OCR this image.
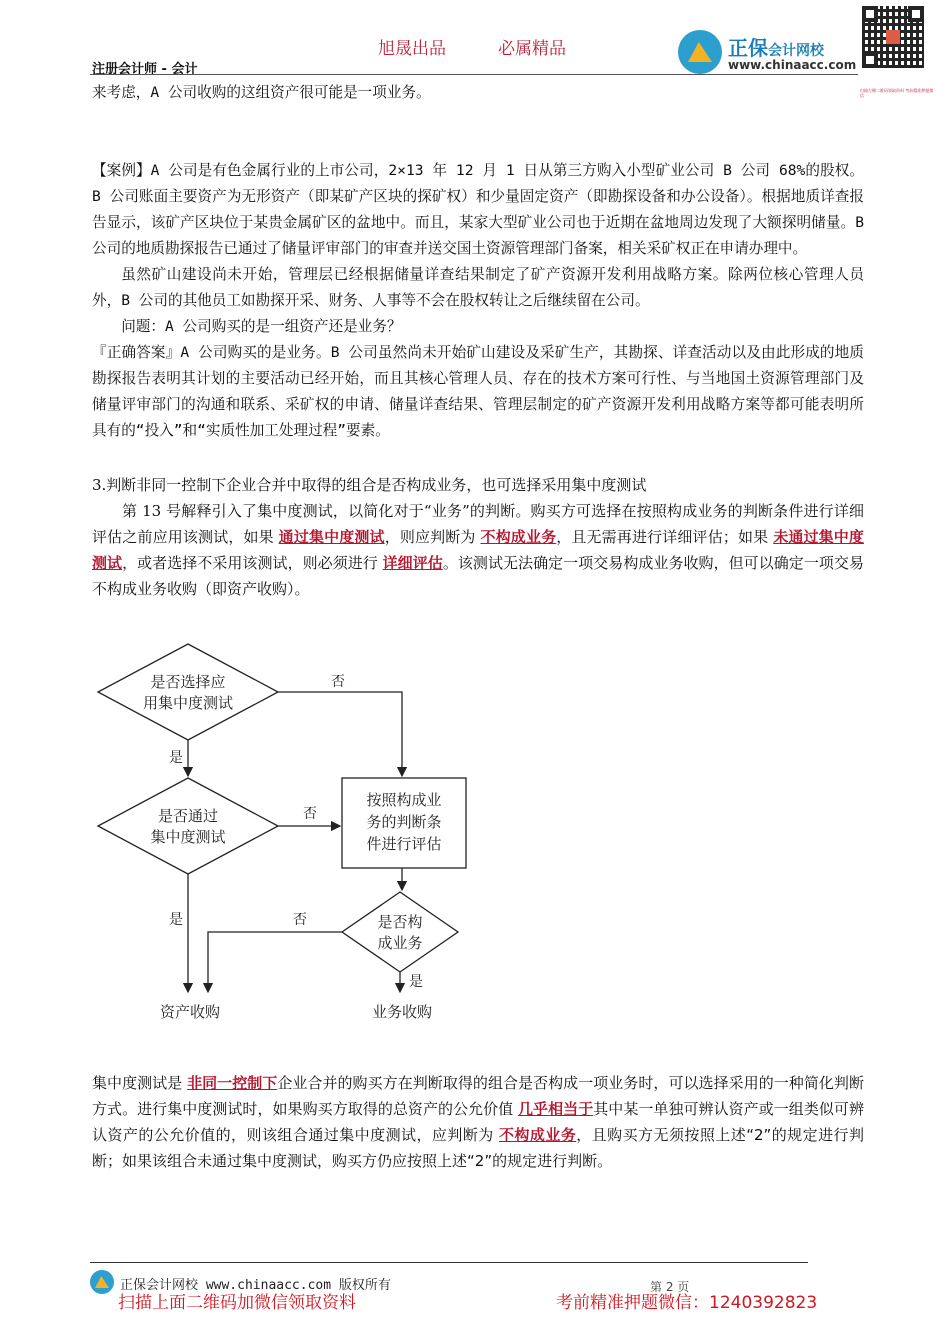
旭晟出品	必属精品	正保会计网校
www.chinaacc.com
扫描左侧二维码领取资料 考前精准押题微信
注册会计师 - 会计
来考虑，A 公司收购的这组资产很可能是一项业务。
【案例】A 公司是有色金属行业的上市公司，2×13 年 12 月 1 日从第三方购入小型矿业公司 B 公司 68%的股权。B 公司账面主要资产为无形资产（即某矿产区块的探矿权）和少量固定资产（即勘探设备和办公设备）。根据地质详查报告显示，该矿产区块位于某贵金属矿区的盆地中。而且，某家大型矿业公司也于近期在盆地周边发现了大额探明储量。B 公司的地质勘探报告已通过了储量评审部门的审查并送交国土资源管理部门备案，相关采矿权正在申请办理中。
虽然矿山建设尚未开始，管理层已经根据储量详查结果制定了矿产资源开发利用战略方案。除两位核心管理人员外，B 公司的其他员工如勘探开采、财务、人事等不会在股权转让之后继续留在公司。
问题：A 公司购买的是一组资产还是业务？
『正确答案』A 公司购买的是业务。B 公司虽然尚未开始矿山建设及采矿生产，其勘探、详查活动以及由此形成的地质勘探报告表明其计划的主要活动已经开始，而且其核心管理人员、存在的技术方案可行性、与当地国土资源管理部门及储量评审部门的沟通和联系、采矿权的申请、储量详查结果、管理层制定的矿产资源开发利用战略方案等都可能表明所具有的“投入”和“实质性加工处理过程”要素。
3.判断非同一控制下企业合并中取得的组合是否构成业务，也可选择采用集中度测试
第 13 号解释引入了集中度测试，以简化对于“业务”的判断。购买方可选择在按照构成业务的判断条件进行详细评估之前应用该测试，如果 通过集中度测试，则应判断为 不构成业务，且无需再进行详细评估；如果 未通过集中度测试，或者选择不采用该测试，则必须进行 详细评估。该测试无法确定一项交易构成业务收购，但可以确定一项交易不构成业务收购（即资产收购）。
是否选择应
用集中度测试
是否通过
集中度测试
按照构成业
务的判断条
件进行评估
是否构
成业务
是
否
否
是	否
是
资产收购	业务收购
集中度测试是 非同一控制下企业合并的购买方在判断取得的组合是否构成一项业务时，可以选择采用的一种简化判断方式。进行集中度测试时，如果购买方取得的总资产的公允价值 几乎相当于其中某一单独可辨认资产或一组类似可辨认资产的公允价值的，则该组合通过集中度测试，应判断为 不构成业务，且购买方无须按照上述“2”的规定进行判断；如果该组合未通过集中度测试，购买方仍应按照上述“2”的规定进行判断。
正保会计网校 www.chinaacc.com 版权所有	第 2 页
扫描上面二维码加微信领取资料	考前精准押题微信：1240392823
